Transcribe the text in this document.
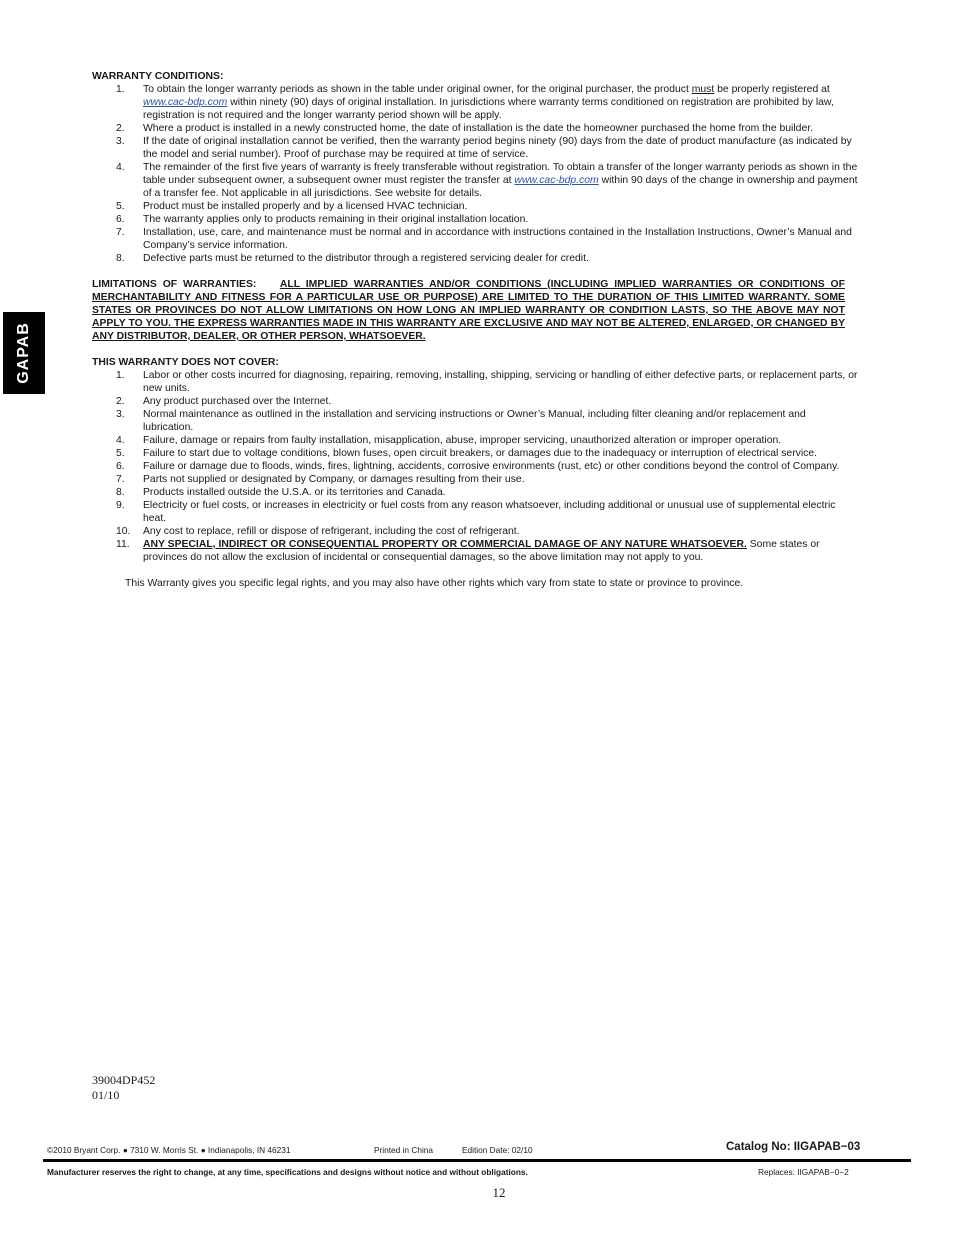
GAPAB

WARRANTY CONDITIONS:

1.	To obtain the longer warranty periods as shown in the table under original owner, for the original purchaser, the product must be properly registered at www.cac-bdp.com within ninety (90) days of original installation. In jurisdictions where warranty terms conditioned on registration are prohibited by law, registration is not required and the longer warranty period shown will be apply.
2.	Where a product is installed in a newly constructed home, the date of installation is the date the homeowner purchased the home from the builder.
3.	If the date of original installation cannot be verified, then the warranty period begins ninety (90) days from the date of product manufacture (as indicated by the model and serial number). Proof of purchase may be required at time of service.
4.	The remainder of the first five years of warranty is freely transferable without registration. To obtain a transfer of the longer warranty periods as shown in the table under subsequent owner, a subsequent owner must register the transfer at www.cac-bdp.com within 90 days of the change in ownership and payment of a transfer fee. Not applicable in all jurisdictions. See website for details.
5.	Product must be installed properly and by a licensed HVAC technician.
6.	The warranty applies only to products remaining in their original installation location.
7.	Installation, use, care, and maintenance must be normal and in accordance with instructions contained in the Installation Instructions, Owner’s Manual and Company’s service information.
8.	Defective parts must be returned to the distributor through a registered servicing dealer for credit.

LIMITATIONS OF WARRANTIES: ALL IMPLIED WARRANTIES AND/OR CONDITIONS (INCLUDING IMPLIED WARRANTIES OR CONDITIONS OF MERCHANTABILITY AND FITNESS FOR A PARTICULAR USE OR PURPOSE) ARE LIMITED TO THE DURATION OF THIS LIMITED WARRANTY. SOME STATES OR PROVINCES DO NOT ALLOW LIMITATIONS ON HOW LONG AN IMPLIED WARRANTY OR CONDITION LASTS, SO THE ABOVE MAY NOT APPLY TO YOU. THE EXPRESS WARRANTIES MADE IN THIS WARRANTY ARE EXCLUSIVE AND MAY NOT BE ALTERED, ENLARGED, OR CHANGED BY ANY DISTRIBUTOR, DEALER, OR OTHER PERSON, WHATSOEVER.

THIS WARRANTY DOES NOT COVER:

1.	Labor or other costs incurred for diagnosing, repairing, removing, installing, shipping, servicing or handling of either defective parts, or replacement parts, or new units.
2.	Any product purchased over the Internet.
3.	Normal maintenance as outlined in the installation and servicing instructions or Owner’s Manual, including filter cleaning and/or replacement and lubrication.
4.	Failure, damage or repairs from faulty installation, misapplication, abuse, improper servicing, unauthorized alteration or improper operation.
5.	Failure to start due to voltage conditions, blown fuses, open circuit breakers, or damages due to the inadequacy or interruption of electrical service.
6.	Failure or damage due to floods, winds, fires, lightning, accidents, corrosive environments (rust, etc) or other conditions beyond the control of Company.
7.	Parts not supplied or designated by Company, or damages resulting from their use.
8.	Products installed outside the U.S.A. or its territories and Canada.
9.	Electricity or fuel costs, or increases in electricity or fuel costs from any reason whatsoever, including additional or unusual use of supplemental electric heat.
10.	Any cost to replace, refill or dispose of refrigerant, including the cost of refrigerant.
11.	ANY SPECIAL, INDIRECT OR CONSEQUENTIAL PROPERTY OR COMMERCIAL DAMAGE OF ANY NATURE WHATSOEVER. Some states or provinces do not allow the exclusion of incidental or consequential damages, so the above limitation may not apply to you.

This Warranty gives you specific legal rights, and you may also have other rights which vary from state to state or province to province.

39004DP452
01/10
©2010 Bryant Corp. ● 7310 W. Morris St. ● Indianapolis, IN 46231	Printed in China	Edition Date: 02/10	Catalog No: IIGAPAB−03
Manufacturer reserves the right to change, at any time, specifications and designs without notice and without obligations.	Replaces: IIGAPAB−0−2
12
